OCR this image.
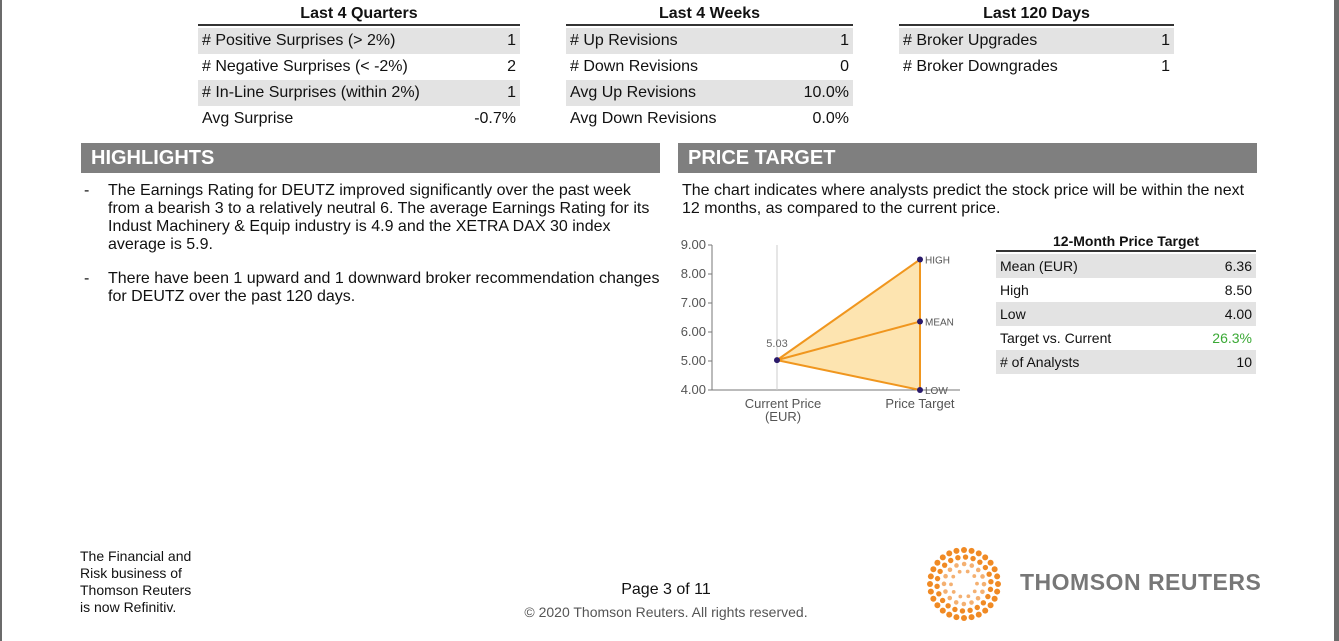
Last 4 Quarters
# Positive Surprises (> 2%)	1
# Negative Surprises (< -2%)	2
# In-Line Surprises (within 2%)	1
Avg Surprise	-0.7%
Last 4 Weeks
# Up Revisions	1
# Down Revisions	0
Avg Up Revisions	10.0%
Avg Down Revisions	0.0%
Last 120 Days
# Broker Upgrades	1
# Broker Downgrades	1
HIGHLIGHTS	PRICE TARGET
-	The Earnings Rating for DEUTZ improved significantly over the past week from a bearish 3 to a relatively neutral 6. The average Earnings Rating for its Indust Machinery & Equip industry is 4.9 and the XETRA DAX 30 index average is 5.9.
-	There have been 1 upward and 1 downward broker recommendation changes for DEUTZ over the past 120 days.
The chart indicates where analysts predict the stock price will be within the next 12 months, as compared to the current price.
4.00
5.00
6.00
7.00
8.00
9.00
Current Price
(EUR)
Price Target
5.03
HIGH
MEAN
LOW
12-Month Price Target
Mean (EUR)	6.36
High	8.50
Low	4.00
Target vs. Current	26.3%
# of Analysts	10
The Financial and
Risk business of
Thomson Reuters
is now Refinitiv.
Page 3 of 11
© 2020 Thomson Reuters. All rights reserved.
THOMSON REUTERS
